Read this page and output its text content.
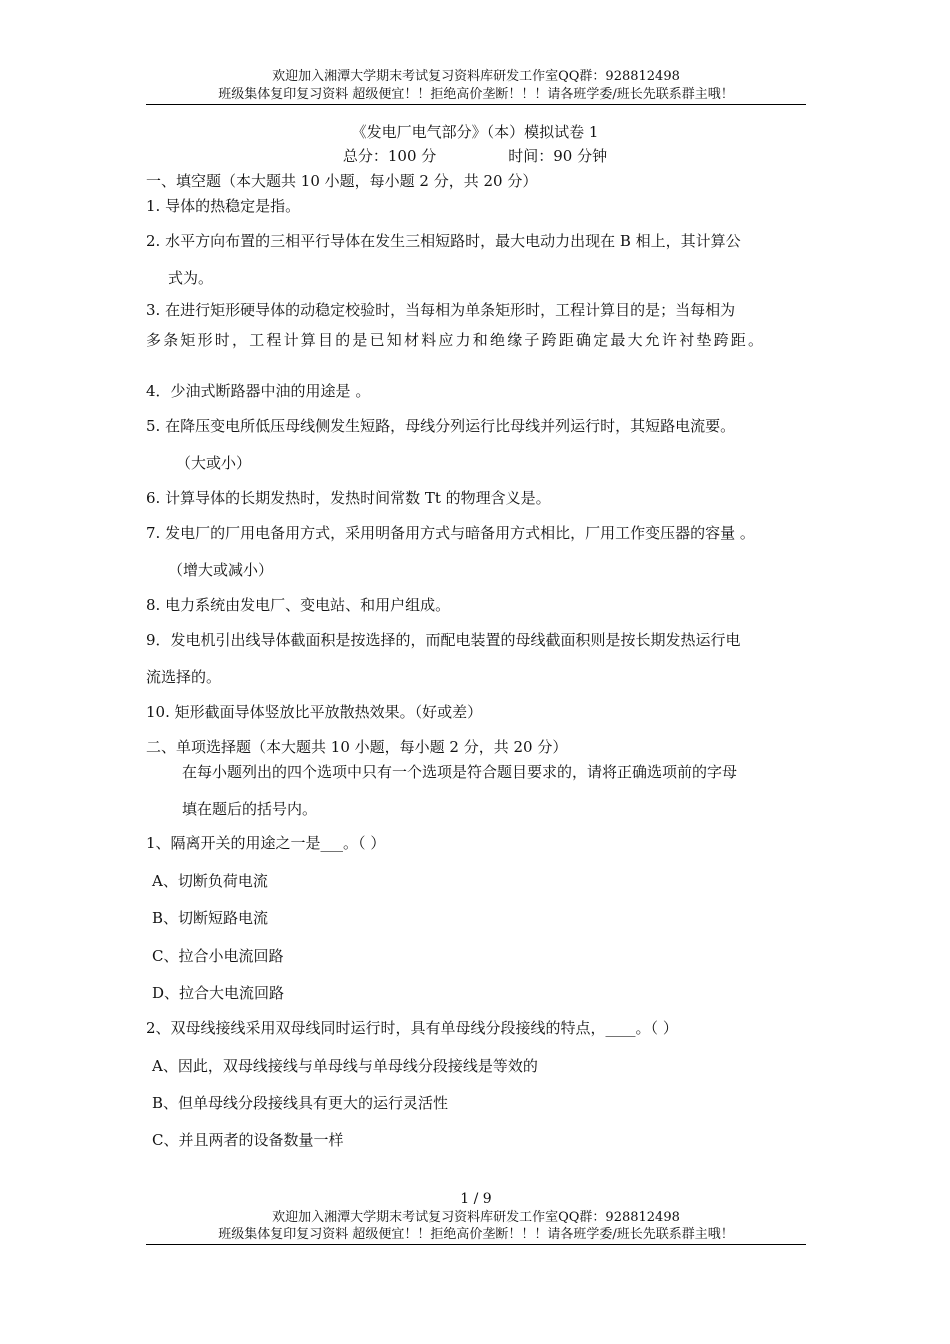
欢迎加入湘潭大学期末考试复习资料库研发工作室QQ群：928812498
班级集体复印复习资料 超级便宜！！拒绝高价垄断！！！请各班学委/班长先联系群主哦！
《发电厂电气部分》（本）模拟试卷 1
总分：100 分	时间：90 分钟
一、填空题（本大题共 10 小题，每小题 2 分，共 20 分）
1. 导体的热稳定是指。
2. 水平方向布置的三相平行导体在发生三相短路时，最大电动力出现在 B 相上，其计算公
式为。
3. 在进行矩形硬导体的动稳定校验时，当每相为单条矩形时，工程计算目的是；当每相为
多条矩形时，工程计算目的是已知材料应力和绝缘子跨距确定最大允许衬垫跨距。
4．少油式断路器中油的用途是 。
5. 在降压变电所低压母线侧发生短路，母线分列运行比母线并列运行时，其短路电流要。
（大或小）
6. 计算导体的长期发热时，发热时间常数 Tt 的物理含义是。
7. 发电厂的厂用电备用方式，采用明备用方式与暗备用方式相比，厂用工作变压器的容量 。
（增大或减小）
8. 电力系统由发电厂、变电站、和用户组成。
9．发电机引出线导体截面积是按选择的，而配电装置的母线截面积则是按长期发热运行电
流选择的。
10. 矩形截面导体竖放比平放散热效果。（好或差）
二、单项选择题（本大题共 10 小题，每小题 2 分，共 20 分）
在每小题列出的四个选项中只有一个选项是符合题目要求的，请将正确选项前的字母
填在题后的括号内。
1、隔离开关的用途之一是___。（ ）
A、切断负荷电流
B、切断短路电流
C、拉合小电流回路
D、拉合大电流回路
2、双母线接线采用双母线同时运行时，具有单母线分段接线的特点，____。（ ）
A、因此，双母线接线与单母线与单母线分段接线是等效的
B、但单母线分段接线具有更大的运行灵活性
C、并且两者的设备数量一样
1 / 9
欢迎加入湘潭大学期末考试复习资料库研发工作室QQ群：928812498
班级集体复印复习资料 超级便宜！！拒绝高价垄断！！！请各班学委/班长先联系群主哦！
